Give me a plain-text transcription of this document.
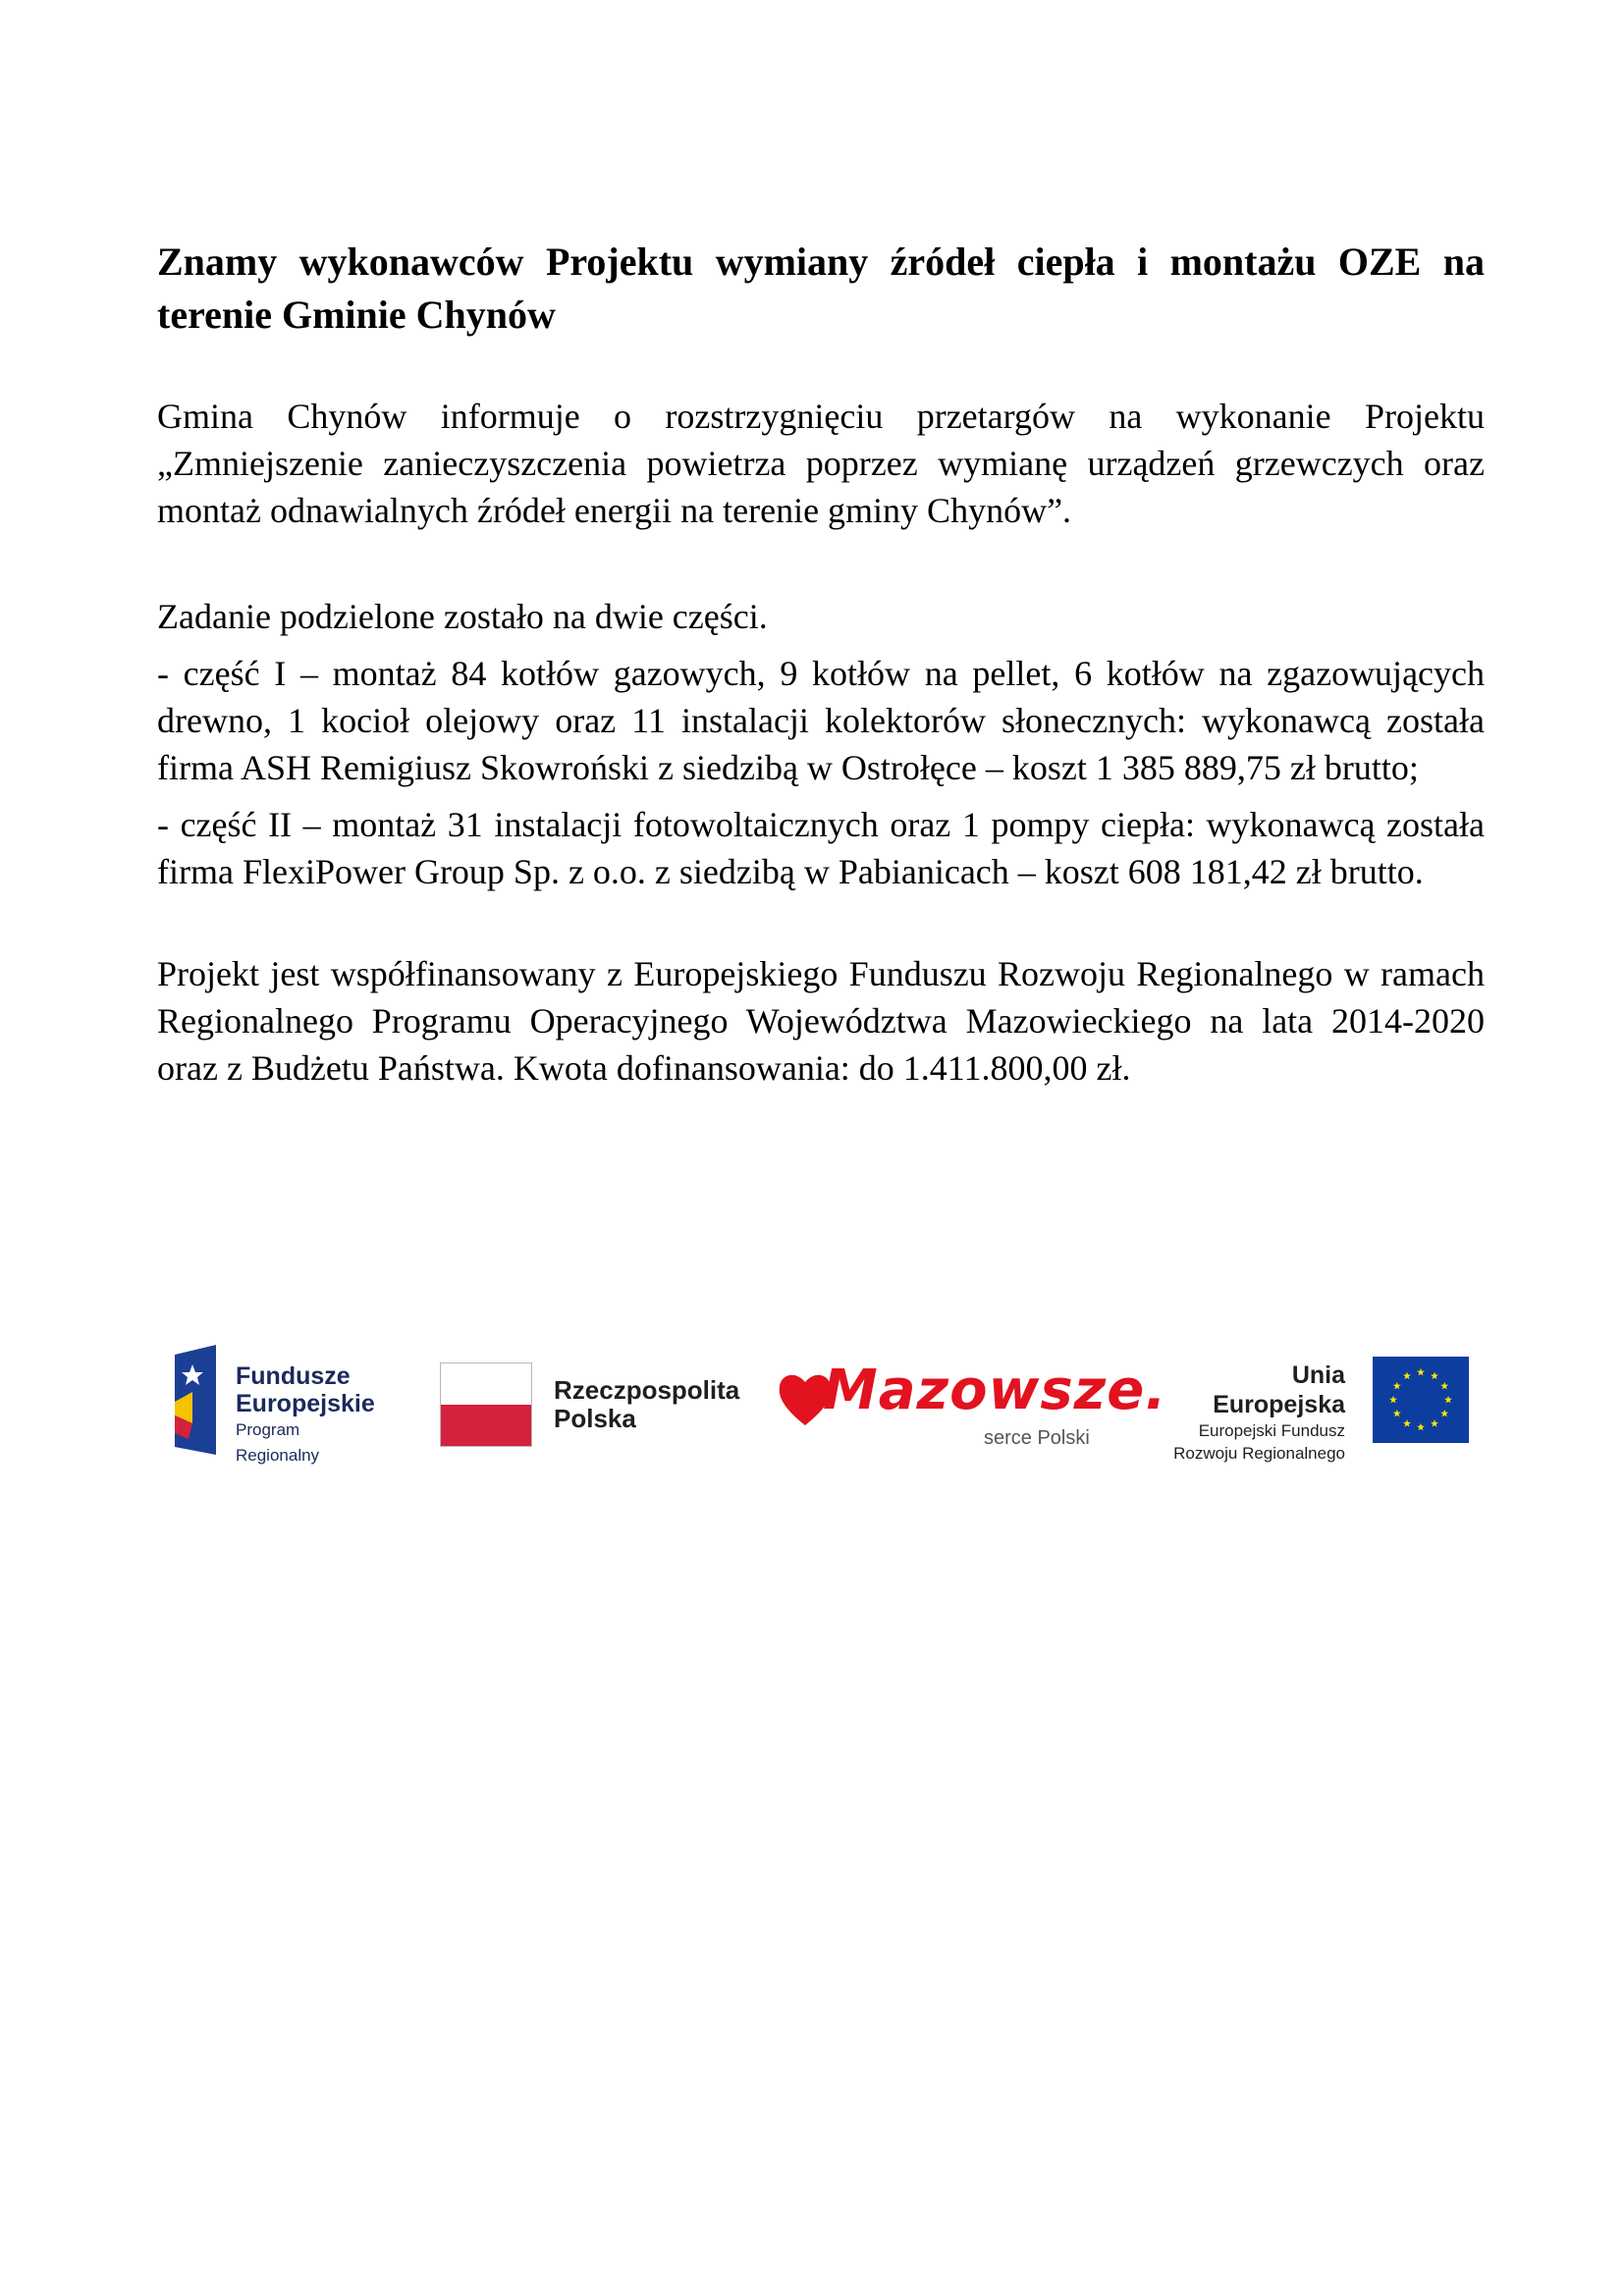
Znamy wykonawców Projektu wymiany źródeł ciepła i montażu OZE na terenie Gminie Chynów

Gmina Chynów informuje o rozstrzygnięciu przetargów na wykonanie Projektu „Zmniejszenie zanieczyszczenia powietrza poprzez wymianę urządzeń grzewczych oraz montaż odnawialnych źródeł energii na terenie gminy Chynów”.

Zadanie podzielone zostało na dwie części.

- część I – montaż 84 kotłów gazowych, 9 kotłów na pellet, 6 kotłów na zgazowujących drewno, 1 kocioł olejowy oraz 11 instalacji kolektorów słonecznych: wykonawcą została firma ASH Remigiusz Skowroński z siedzibą w Ostrołęce – koszt 1 385 889,75 zł brutto;

- część II – montaż 31 instalacji fotowoltaicznych oraz 1 pompy ciepła: wykonawcą została firma FlexiPower Group Sp. z o.o. z siedzibą w Pabianicach – koszt 608 181,42 zł brutto.

Projekt jest współfinansowany z Europejskiego Funduszu Rozwoju Regionalnego w ramach Regionalnego Programu Operacyjnego Województwa Mazowieckiego na lata 2014-2020 oraz z Budżetu Państwa. Kwota dofinansowania: do 1.411.800,00 zł.

Fundusze
Europejskie
Program Regionalny
Rzeczpospolita
Polska	Mazowsze.
serce Polski
Unia Europejska
Europejski Fundusz
Rozwoju Regionalnego
